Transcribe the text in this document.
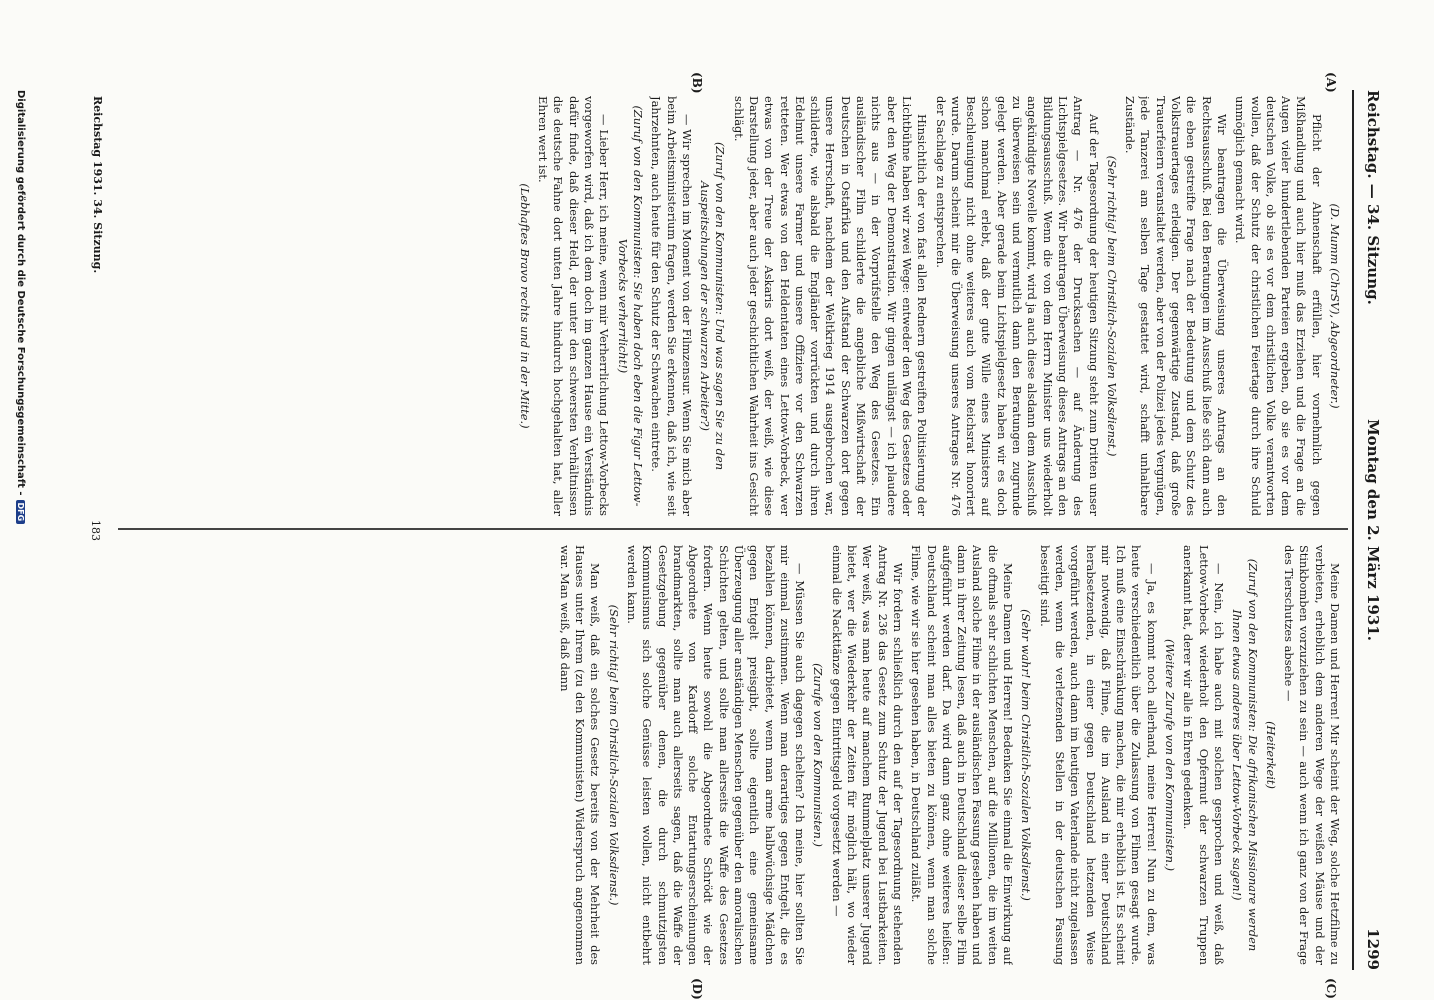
Reichstag. — 34. Sitzung.
Montag den 2. März 1931.
1299
(A)
(B)
(C)
(D)

(D. Mumm (ChrSV), Abgeordneter.)

Pflicht der Ahnenschaft erfüllen, hier vornehmlich gegen Mißhandlung und auch hier muß das Erziehen und die Frage an die Augen vieler hundertlebenden Parteien ergeben, ob sie es vor dem deutschen Volke, ob sie es vor dem christlichen Volke verantworten wollen, daß der Schutz der christlichen Feiertage durch ihre Schuld unmöglich gemacht wird.

Wir beantragen die Überweisung unseres Antrags an den Rechtsausschuß. Bei den Beratungen im Ausschuß ließe sich dann auch die eben gestreifte Frage nach der Bedeutung und dem Schutz des Volkstrauertages erledigen. Der gegenwärtige Zustand, daß große Trauerfeiern veranstaltet werden, aber von der Polizei jedes Vergnügen, jede Tanzerei am selben Tage gestattet wird, schafft unhaltbare Zustände.

(Sehr richtig! beim Christlich-Sozialen Volksdienst.)

Auf der Tagesordnung der heutigen Sitzung steht zum Dritten unser Antrag — Nr. 476 der Drucksachen — auf Änderung des Lichtspielgesetzes. Wir beantragen Überweisung dieses Antrags an den Bildungsausschuß. Wenn die von dem Herrn Minister uns wiederholt angekündigte Novelle kommt, wird ja auch diese alsdann dem Ausschuß zu überweisen sein und vermutlich dann den Beratungen zugrunde gelegt werden. Aber gerade beim Lichtspielgesetz haben wir es doch schon manchmal erlebt, daß der gute Wille eines Ministers auf Beschleunigung nicht ohne weiteres auch vom Reichsrat honoriert wurde. Darum scheint mir die Überweisung unseres Antrages Nr. 476 der Sachlage zu entsprechen.

Hinsichtlich der von fast allen Rednern gestreiften Politisierung der Lichtbühne haben wir zwei Wege: entweder den Weg des Gesetzes oder aber den Weg der Demonstration. Wir gingen unlängst — ich plaudere nichts aus — in der Vorprüfstelle den Weg des Gesetzes. Ein ausländischer Film schilderte die angebliche Mißwirtschaft der Deutschen in Ostafrika und den Aufstand der Schwarzen dort gegen unsere Herrschaft, nachdem der Weltkrieg 1914 ausgebrochen war, schilderte, wie alsbald die Engländer vorrückten und durch ihren Edelmut unsere Farmer und unsere Offiziere vor den Schwarzen retteten. Wer etwas von den Heldentaten eines Lettow-Vorbeck, wer etwas von der Treue der Askaris dort weiß, der weiß, wie diese Darstellung jeder, aber auch jeder geschichtlichen Wahrheit ins Gesicht schlägt.

(Zuruf von den Kommunisten: Und was sagen Sie zu den Auspeitschungen der schwarzen Arbeiter?)

— Wir sprechen im Moment von der Filmzensur. Wenn Sie mich aber beim Arbeitsministerium fragen, werden Sie erkennen, daß ich, wie seit Jahrzehnten, auch heute für den Schutz der Schwachen eintrete.

(Zuruf von den Kommunisten: Sie haben doch eben die Figur Lettow-Vorbecks verherrlicht!)

— Lieber Herr, ich meine, wenn mir Verherrlichung Lettow-Vorbecks vorgeworfen wird, daß ich dem doch im ganzen Hause ein Verständnis dafür finde, daß dieser Held, der unter den schwersten Verhältnissen die deutsche Fahne dort unten Jahre hindurch hochgehalten hat, aller Ehren wert ist.

(Lebhaftes Bravo rechts und in der Mitte.)

Meine Damen und Herren! Mir scheint der Weg, solche Hetzfilme zu verbieten, erheblich dem anderen Wege der weißen Mäuse und der Stinkbomben vorzuziehen zu sein — auch wenn ich ganz von der Frage des Tierschutzes absehe —

(Heiterkeit)

(Zuruf von den Kommunisten: Die afrikanischen Missionare werden Ihnen etwas anderes über Lettow-Vorbeck sagen!)

— Nein, ich habe auch mit solchen gesprochen und weiß, daß Lettow-Vorbeck wiederholt den Opfermut der schwarzen Truppen anerkannt hat, derer wir alle in Ehren gedenken.

(Weitere Zurufe von den Kommunisten.)

— Ja, es kommt noch allerhand, meine Herren! Nun zu dem, was heute verschiedentlich über die Zulassung von Filmen gesagt wurde. Ich muß eine Einschränkung machen, die mir erheblich ist. Es scheint mir notwendig, daß Filme, die im Ausland in einer Deutschland herabsetzenden, in einer gegen Deutschland hetzenden Weise vorgeführt werden, auch dann im heutigen Vaterlande nicht zugelassen werden, wenn die verletzenden Stellen in der deutschen Fassung beseitigt sind.

(Sehr wahr! beim Christlich-Sozialen Volksdienst.)

Meine Damen und Herren! Bedenken Sie einmal die Einwirkung auf die oftmals sehr schlichten Menschen, auf die Millionen, die im weiten Ausland solche Filme in der ausländischen Fassung gesehen haben und dann in ihrer Zeitung lesen, daß auch in Deutschland dieser selbe Film aufgeführt werden darf. Da wird dann ganz ohne weiteres heißen: Deutschland scheint man alles bieten zu können, wenn man solche Filme, wie wir sie hier gesehen haben, in Deutschland zuläßt.

Wir fordern schließlich durch den auf der Tagesordnung stehenden Antrag Nr. 236 das Gesetz zum Schutz der Jugend bei Lustbarkeiten. Wer weiß, was man heute auf manchem Rummelplatz unserer Jugend bietet, wer die Wiederkehr der Zeiten für möglich hält, wo wieder einmal die Nackttänze gegen Eintrittsgeld vorgesetzt werden —

(Zurufe von den Kommunisten.)

— Müssen Sie auch dagegen schelten? Ich meine, hier sollten Sie mir einmal zustimmen. Wenn man derartiges gegen Entgelt, die es bezahlen können, darbietet, wenn man arme halbwüchsige Mädchen gegen Entgelt preisgibt, sollte eigentlich eine gemeinsame Überzeugung aller anständigen Menschen gegenüber den amoralischen Schichten gelten, und sollte man allerseits die Waffe des Gesetzes fordern. Wenn heute sowohl die Abgeordnete Schrödt wie der Abgeordnete von Kardorff solche Entartungserscheinungen brandmarkten, sollte man auch allerseits sagen, daß die Waffe der Gesetzgebung gegenüber denen, die durch schmutzigsten Kommunismus sich solche Genüsse leisten wollen, nicht entbehrt werden kann.

(Sehr richtig! beim Christlich-Sozialen Volksdienst.)

Man weiß, daß ein solches Gesetz bereits von der Mehrheit des Hauses unter Ihrem (zu den Kommunisten) Widerspruch angenommen war. Man weiß, daß dann

Reichstag 1931. 34. Sitzung.
183
Digitalisierung gefördert durch die Deutsche Forschungsgemeinschaft -DFG
